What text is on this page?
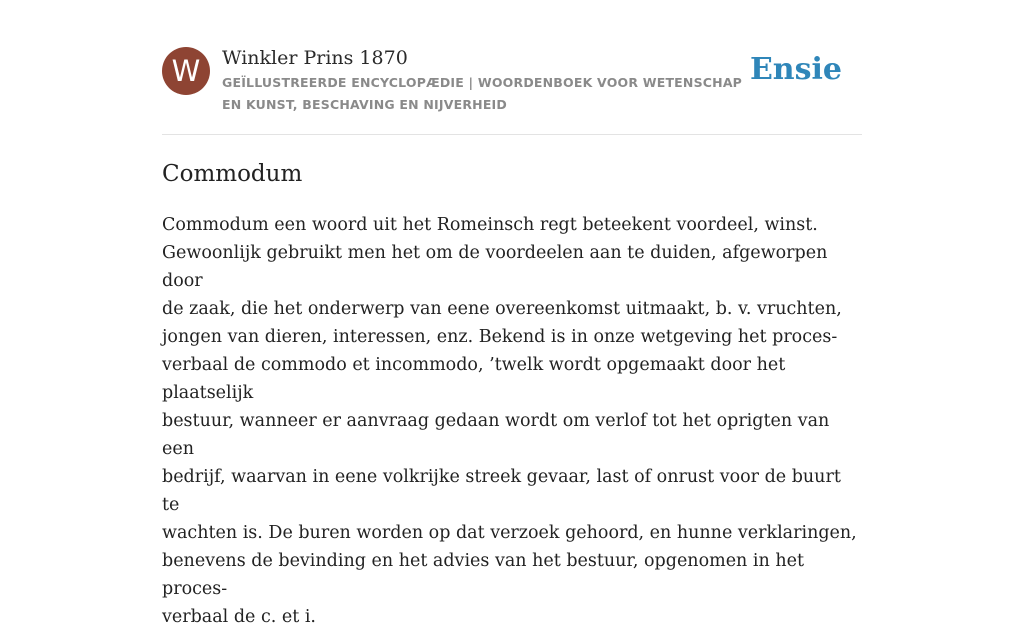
W	Winkler Prins 1870
GEÏLLUSTREERDE ENCYCLOPÆDIE | WOORDENBOEK VOOR WETENSCHAP EN KUNST, BESCHAVING EN NIJVERHEID
Ensie
Commodum

Commodum een woord uit het Romeinsch regt beteekent voordeel, winst.
Gewoonlijk gebruikt men het om de voordeelen aan te duiden, afgeworpen door
de zaak, die het onderwerp van eene overeenkomst uitmaakt, b. v. vruchten,
jongen van dieren, interessen, enz. Bekend is in onze wetgeving het proces-
verbaal de commodo et incommodo, ’twelk wordt opgemaakt door het plaatselijk
bestuur, wanneer er aanvraag gedaan wordt om verlof tot het oprigten van een
bedrijf, waarvan in eene volkrijke streek gevaar, last of onrust voor de buurt te
wachten is. De buren worden op dat verzoek gehoord, en hunne verklaringen,
benevens de bevinding en het advies van het bestuur, opgenomen in het proces-
verbaal de c. et i.
